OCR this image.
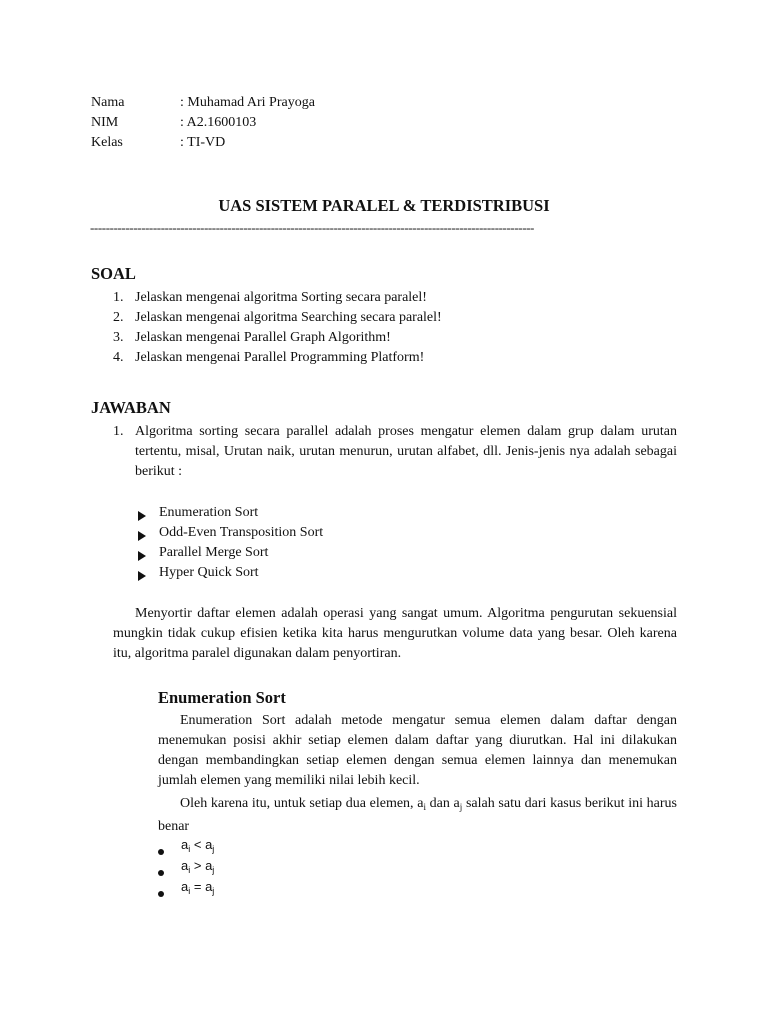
Nama	: Muhamad Ari Prayoga
NIM	: A2.1600103
Kelas	: TI-VD
UAS SISTEM PARALEL & TERDISTRIBUSI
-----------------------------------------------------------------------------------------------------------------
SOAL
1. Jelaskan mengenai algoritma Sorting secara paralel!
2. Jelaskan mengenai algoritma Searching secara paralel!
3. Jelaskan mengenai Parallel Graph Algorithm!
4. Jelaskan mengenai Parallel Programming Platform!
JAWABAN
1. Algoritma sorting secara parallel adalah proses mengatur elemen dalam grup dalam urutan tertentu, misal, Urutan naik, urutan menurun, urutan alfabet, dll. Jenis-jenis nya adalah sebagai berikut :
Enumeration Sort
Odd-Even Transposition Sort
Parallel Merge Sort
Hyper Quick Sort
Menyortir daftar elemen adalah operasi yang sangat umum. Algoritma pengurutan sekuensial mungkin tidak cukup efisien ketika kita harus mengurutkan volume data yang besar. Oleh karena itu, algoritma paralel digunakan dalam penyortiran.
Enumeration Sort
Enumeration Sort adalah metode mengatur semua elemen dalam daftar dengan menemukan posisi akhir setiap elemen dalam daftar yang diurutkan. Hal ini dilakukan dengan membandingkan setiap elemen dengan semua elemen lainnya dan menemukan jumlah elemen yang memiliki nilai lebih kecil.
Oleh karena itu, untuk setiap dua elemen, $a_i$ dan $a_j$ salah satu dari kasus berikut ini harus benar
$a_i < a_j$
$a_i > a_j$
$a_i = a_j$
